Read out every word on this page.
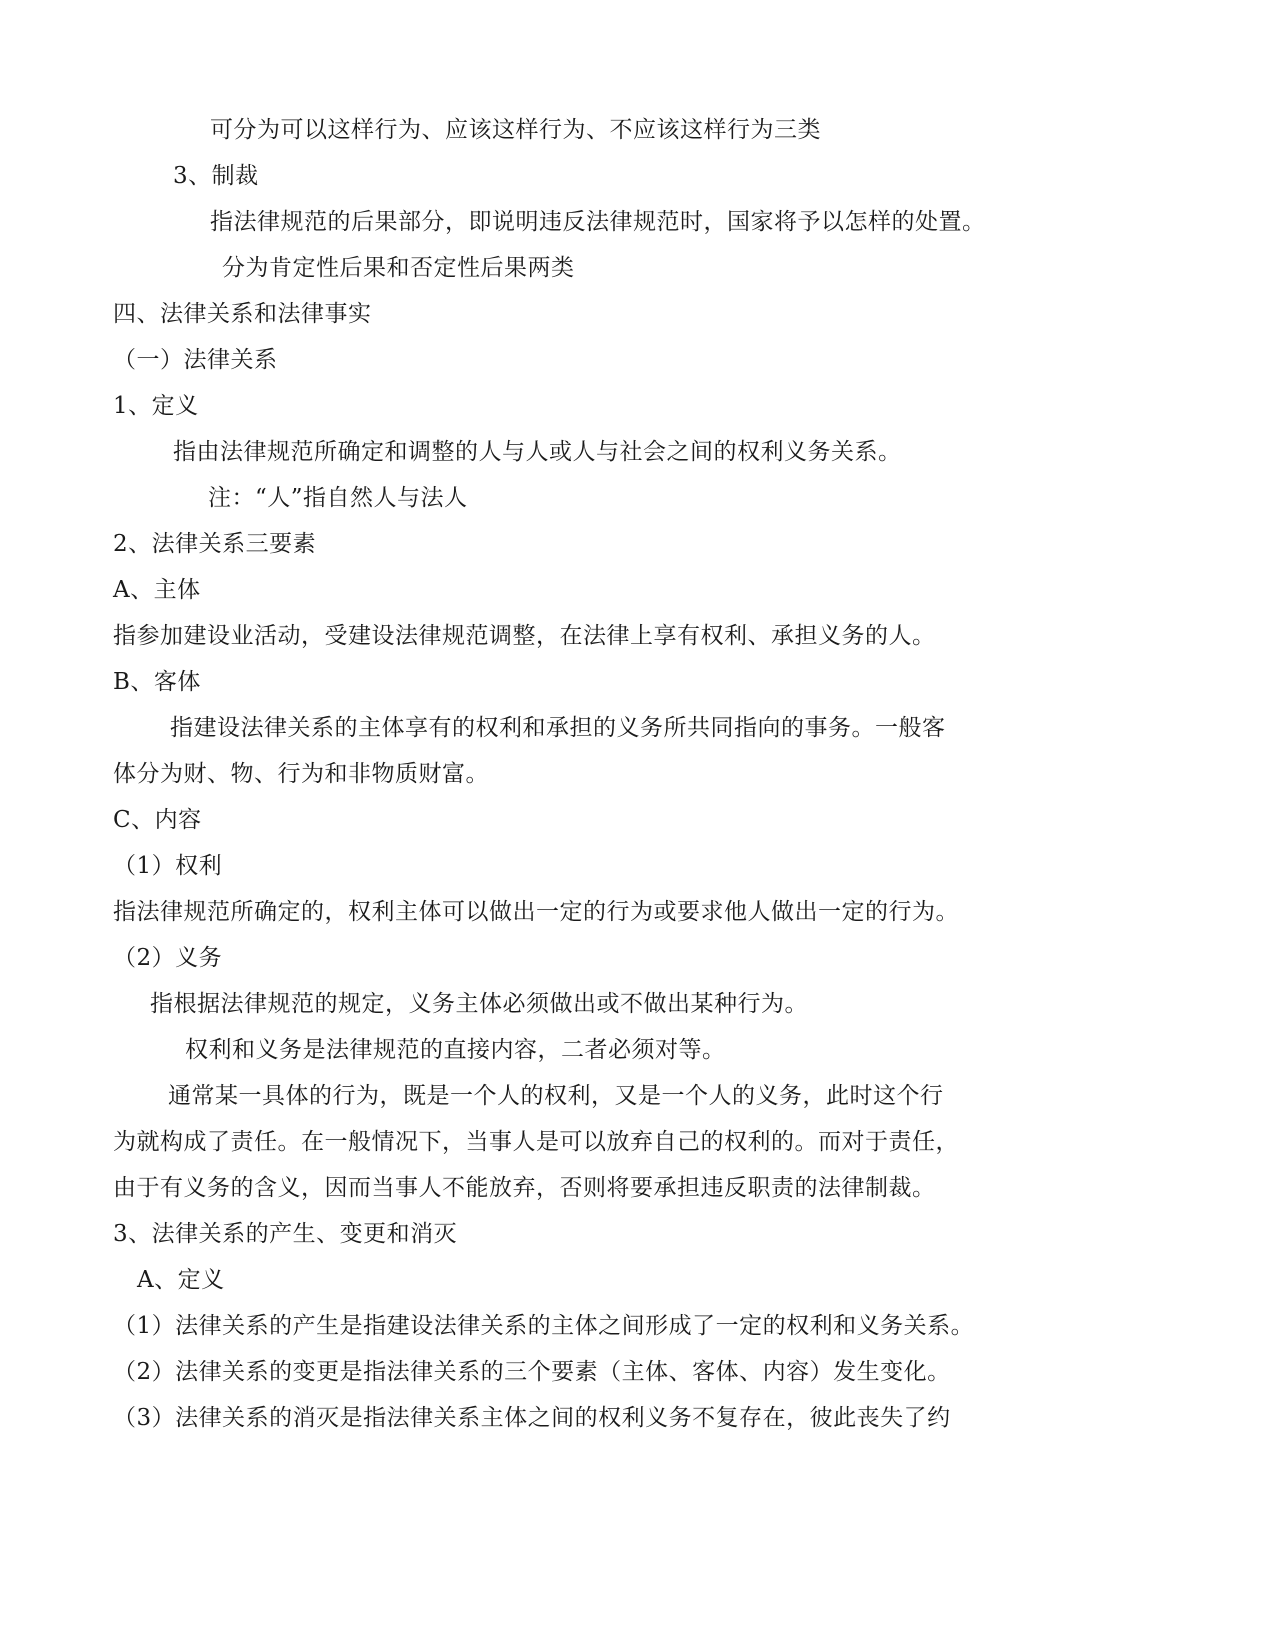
可分为可以这样行为、应该这样行为、不应该这样行为三类
3、制裁
指法律规范的后果部分，即说明违反法律规范时，国家将予以怎样的处置。
分为肯定性后果和否定性后果两类
四、法律关系和法律事实
（一）法律关系
1、定义
指由法律规范所确定和调整的人与人或人与社会之间的权利义务关系。
注：“人”指自然人与法人
2、法律关系三要素
A、主体
指参加建设业活动，受建设法律规范调整，在法律上享有权利、承担义务的人。
B、客体
指建设法律关系的主体享有的权利和承担的义务所共同指向的事务。一般客
体分为财、物、行为和非物质财富。
C、内容
（1）权利
指法律规范所确定的，权利主体可以做出一定的行为或要求他人做出一定的行为。
（2）义务
指根据法律规范的规定，义务主体必须做出或不做出某种行为。
权利和义务是法律规范的直接内容，二者必须对等。
通常某一具体的行为，既是一个人的权利，又是一个人的义务，此时这个行
为就构成了责任。在一般情况下，当事人是可以放弃自己的权利的。而对于责任，
由于有义务的含义，因而当事人不能放弃，否则将要承担违反职责的法律制裁。
3、法律关系的产生、变更和消灭
A、定义
（1）法律关系的产生是指建设法律关系的主体之间形成了一定的权利和义务关系。
（2）法律关系的变更是指法律关系的三个要素（主体、客体、内容）发生变化。
（3）法律关系的消灭是指法律关系主体之间的权利义务不复存在，彼此丧失了约
